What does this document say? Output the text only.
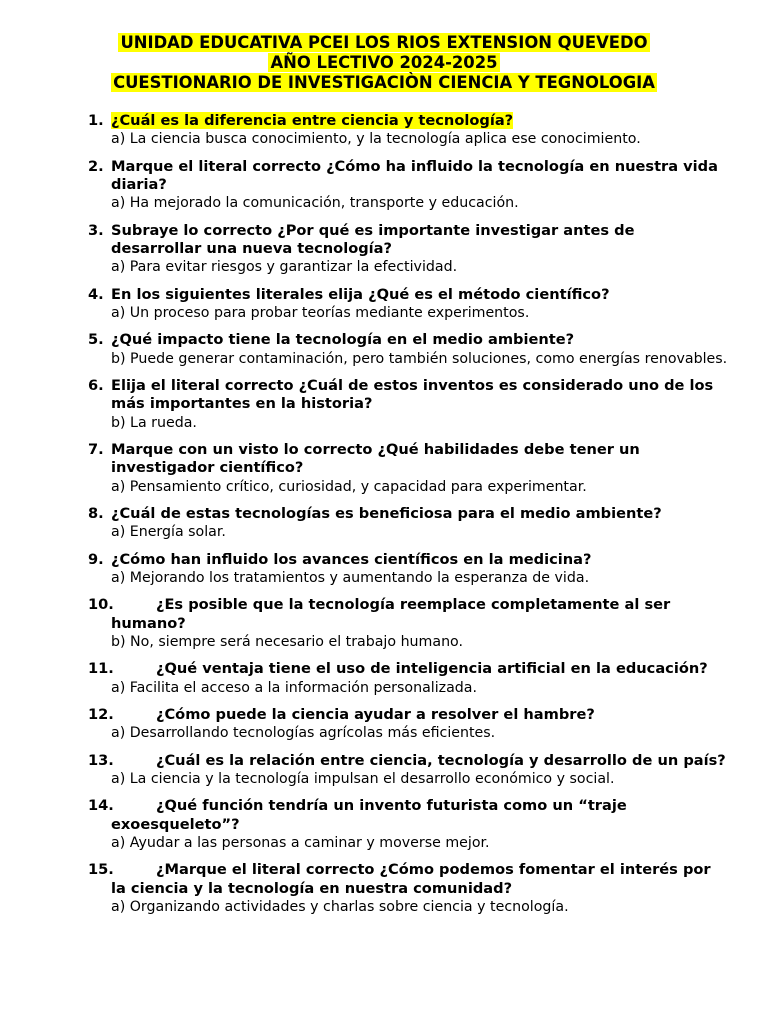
UNIDAD EDUCATIVA PCEI LOS RIOS EXTENSION QUEVEDO
AÑO LECTIVO 2024-2025
CUESTIONARIO DE INVESTIGACIÒN CIENCIA Y TEGNOLOGIA
1. ¿Cuál es la diferencia entre ciencia y tecnología?
a) La ciencia busca conocimiento, y la tecnología aplica ese conocimiento.
2. Marque el literal correcto ¿Cómo ha influido la tecnología en nuestra vida diaria?
a) Ha mejorado la comunicación, transporte y educación.
3. Subraye lo correcto ¿Por qué es importante investigar antes de desarrollar una nueva tecnología?
a) Para evitar riesgos y garantizar la efectividad.
4. En los siguientes literales elija ¿Qué es el método científico?
a) Un proceso para probar teorías mediante experimentos.
5. ¿Qué impacto tiene la tecnología en el medio ambiente?
b) Puede generar contaminación, pero también soluciones, como energías renovables.
6. Elija el literal correcto ¿Cuál de estos inventos es considerado uno de los más importantes en la historia?
b) La rueda.
7. Marque con un visto lo correcto ¿Qué habilidades debe tener un investigador científico?
a) Pensamiento crítico, curiosidad, y capacidad para experimentar.
8. ¿Cuál de estas tecnologías es beneficiosa para el medio ambiente?
a) Energía solar.
9. ¿Cómo han influido los avances científicos en la medicina?
a) Mejorando los tratamientos y aumentando la esperanza de vida.
10.	¿Es posible que la tecnología reemplace completamente al ser humano?
b) No, siempre será necesario el trabajo humano.
11.	¿Qué ventaja tiene el uso de inteligencia artificial en la educación?
a) Facilita el acceso a la información personalizada.
12.	¿Cómo puede la ciencia ayudar a resolver el hambre?
a) Desarrollando tecnologías agrícolas más eficientes.
13.	¿Cuál es la relación entre ciencia, tecnología y desarrollo de un país?
a) La ciencia y la tecnología impulsan el desarrollo económico y social.
14.	¿Qué función tendría un invento futurista como un “traje exoesqueleto”?
a) Ayudar a las personas a caminar y moverse mejor.
15.	¿Marque el literal correcto ¿Cómo podemos fomentar el interés por la ciencia y la tecnología en nuestra comunidad?
a) Organizando actividades y charlas sobre ciencia y tecnología.
